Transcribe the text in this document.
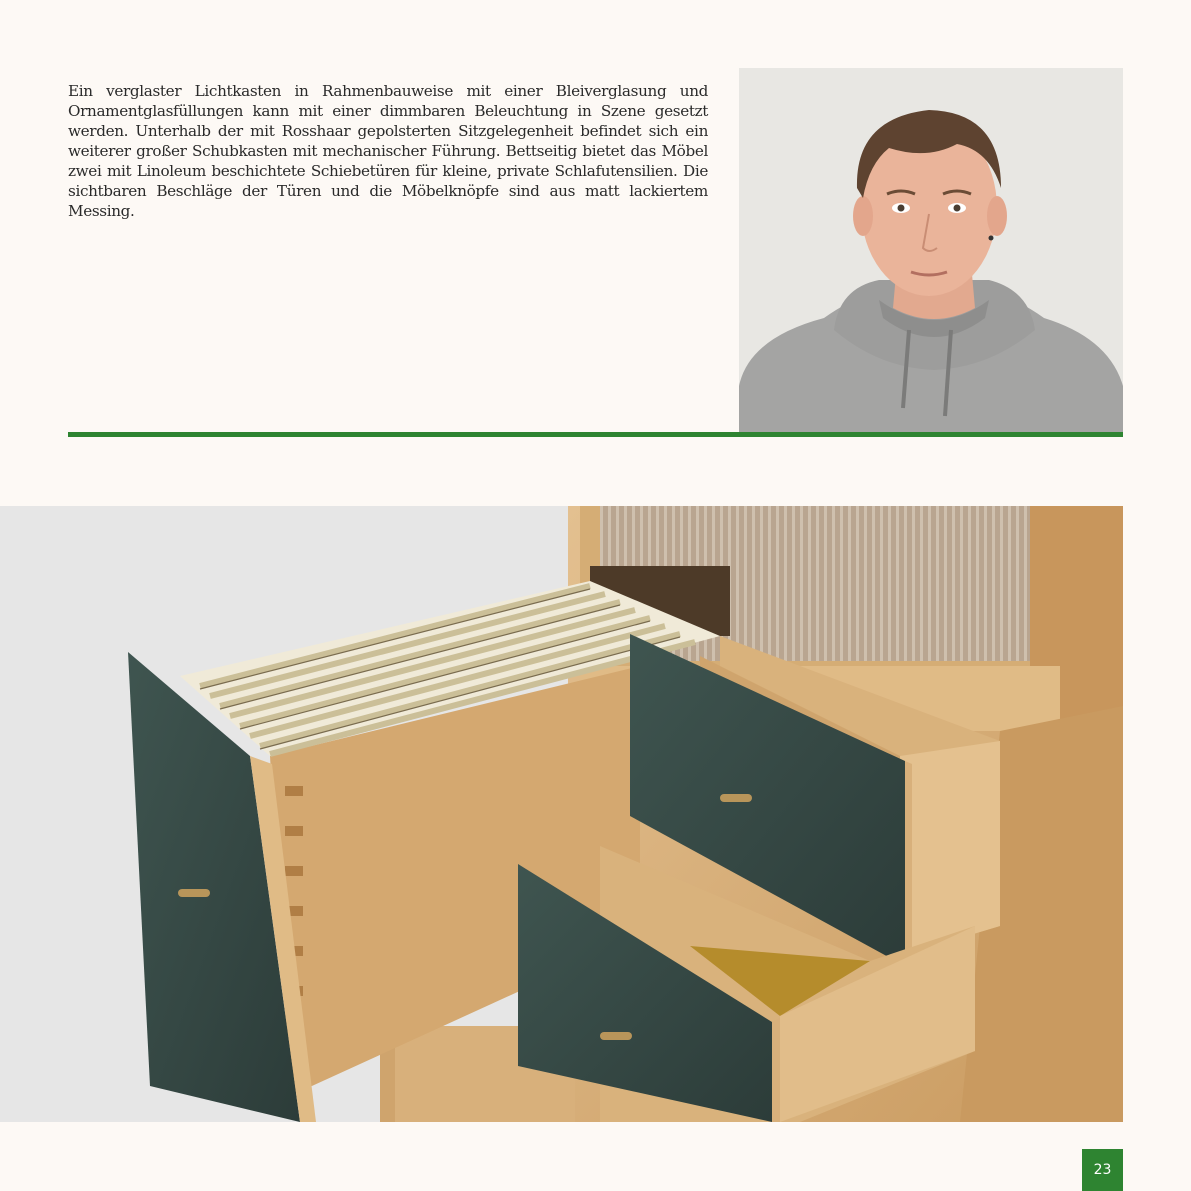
Ein verglaster Lichtkasten in Rahmenbauweise mit einer Bleiverglasung und Ornamentglasfüllungen kann mit einer dimmbaren Beleuchtung in Szene gesetzt werden. Unterhalb der mit Rosshaar gepolsterten Sitzgelegenheit befindet sich ein weiterer großer Schubkasten mit mechanischer Führung. Bettseitig bietet das Möbel zwei mit Linoleum beschichtete Schiebetüren für kleine, private Schlafutensilien. Die sichtbaren Beschläge der Türen und die Möbelknöpfe sind aus matt lackiertem Messing.

23
